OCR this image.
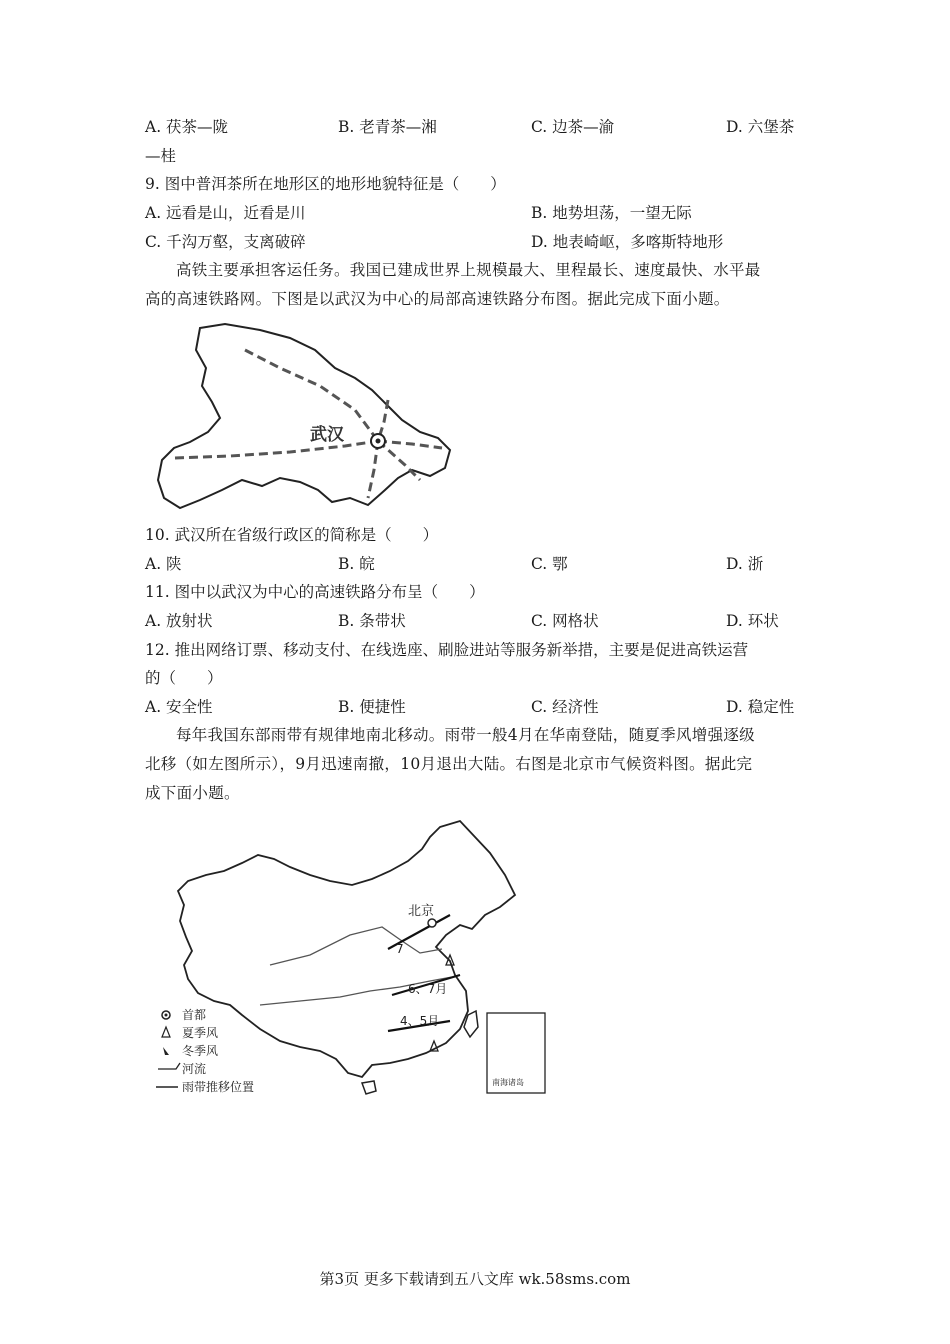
A. 茯茶—陇	B. 老青茶—湘	C. 边茶—渝	D. 六堡茶
—桂
9. 图中普洱茶所在地形区的地形地貌特征是（　　）
A. 远看是山，近看是川	B. 地势坦荡，一望无际
C. 千沟万壑，支离破碎	D. 地表崎岖，多喀斯特地形
高铁主要承担客运任务。我国已建成世界上规模最大、里程最长、速度最快、水平最
高的高速铁路网。下图是以武汉为中心的局部高速铁路分布图。据此完成下面小题。
武汉
10. 武汉所在省级行政区的简称是（　　）
A. 陕	B. 皖	C. 鄂	D. 浙
11. 图中以武汉为中心的高速铁路分布呈（　　）
A. 放射状	B. 条带状	C. 网格状	D. 环状
12. 推出网络订票、移动支付、在线选座、刷脸进站等服务新举措，主要是促进高铁运营
的（　　）
A. 安全性	B. 便捷性	C. 经济性	D. 稳定性
每年我国东部雨带有规律地南北移动。雨带一般4月在华南登陆，随夏季风增强逐级
北移（如左图所示），9月迅速南撤，10月退出大陆。右图是北京市气候资料图。据此完
成下面小题。
北京
7
6、7月
4、5月
南海诸岛
首都
夏季风
冬季风
河流
雨带推移位置
第3页 更多下载请到五八文库 wk.58sms.com
